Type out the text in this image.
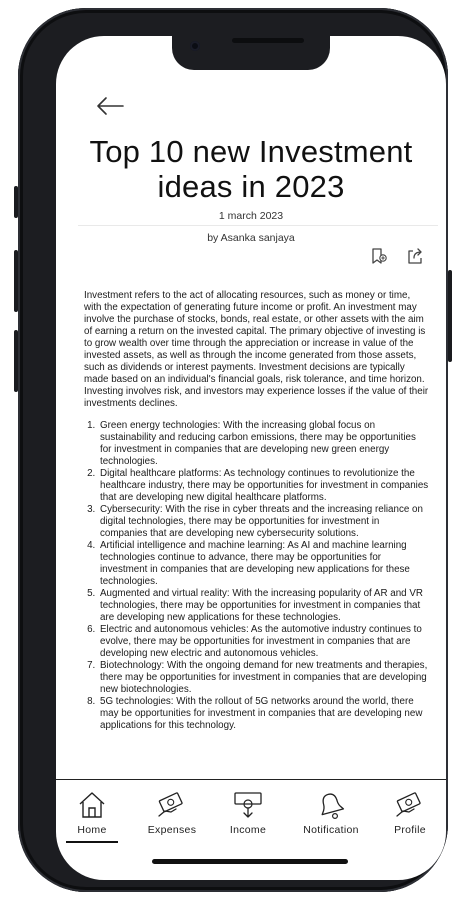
Top 10 new Investment ideas in 2023
1 march 2023
by Asanka sanjaya

Investment refers to the act of allocating resources, such as money or time, with the expectation of generating future income or profit. An investment may involve the purchase of stocks, bonds, real estate, or other assets with the aim of earning a return on the invested capital. The primary objective of investing is to grow wealth over time through the appreciation or increase in value of the invested assets, as well as through the income generated from those assets, such as dividends or interest payments. Investment decisions are typically made based on an individual's financial goals, risk tolerance, and time horizon. Investing involves risk, and investors may experience losses if the value of their investments declines.

1. Green energy technologies: With the increasing global focus on sustainability and reducing carbon emissions, there may be opportunities for investment in companies that are developing new green energy technologies.
2. Digital healthcare platforms: As technology continues to revolutionize the healthcare industry, there may be opportunities for investment in companies that are developing new digital healthcare platforms.
3. Cybersecurity: With the rise in cyber threats and the increasing reliance on digital technologies, there may be opportunities for investment in companies that are developing new cybersecurity solutions.
4. Artificial intelligence and machine learning: As AI and machine learning technologies continue to advance, there may be opportunities for investment in companies that are developing new applications for these technologies.
5. Augmented and virtual reality: With the increasing popularity of AR and VR technologies, there may be opportunities for investment in companies that are developing new applications for these technologies.
6. Electric and autonomous vehicles: As the automotive industry continues to evolve, there may be opportunities for investment in companies that are developing new electric and autonomous vehicles.
7. Biotechnology: With the ongoing demand for new treatments and therapies, there may be opportunities for investment in companies that are developing new biotechnologies.
8. 5G technologies: With the rollout of 5G networks around the world, there may be opportunities for investment in companies that are developing new applications for this technology.
Home	Expenses	Income	Notification	Profile
